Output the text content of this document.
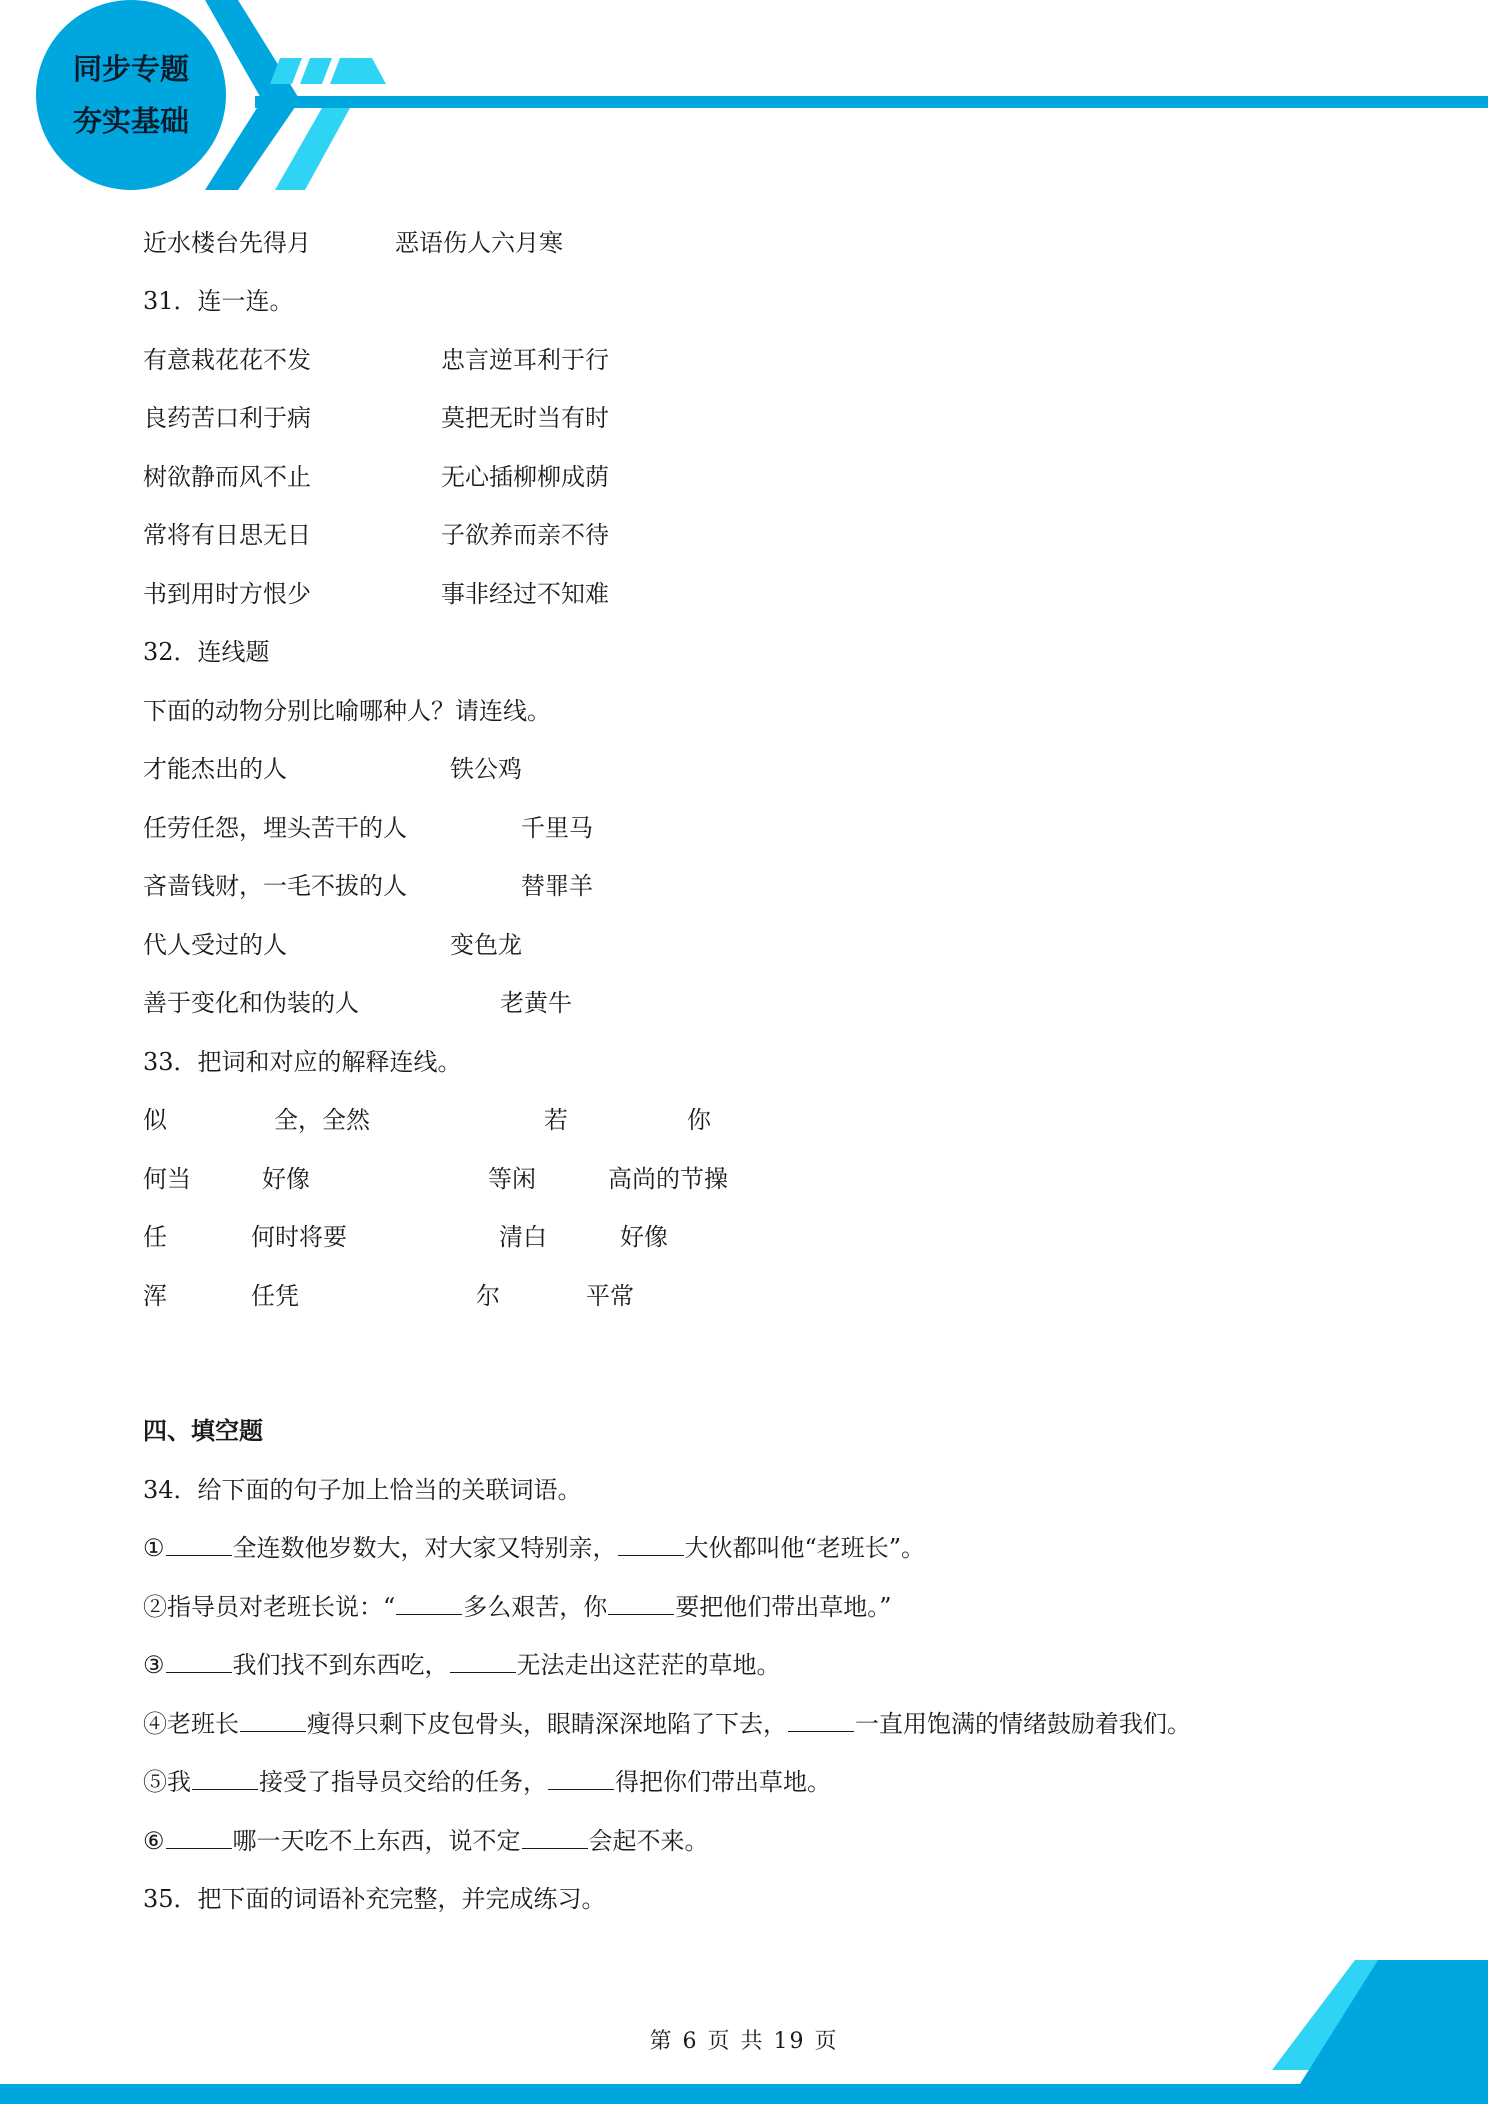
同步专题
夯实基础
近水楼台先得月	恶语伤人六月寒
31．连一连。
有意栽花花不发	忠言逆耳利于行
良药苦口利于病	莫把无时当有时
树欲静而风不止	无心插柳柳成荫
常将有日思无日	子欲养而亲不待
书到用时方恨少	事非经过不知难
32．连线题
下面的动物分别比喻哪种人？请连线。
才能杰出的人	铁公鸡
任劳任怨，埋头苦干的人	千里马
吝啬钱财，一毛不拔的人	替罪羊
代人受过的人	变色龙
善于变化和伪装的人	老黄牛
33．把词和对应的解释连线。
似	全，全然	若	你
何当	好像	等闲	高尚的节操
任	何时将要	清白	好像
浑	任凭	尔	平常
四、填空题
34．给下面的句子加上恰当的关联词语。
①	全连数他岁数大，对大家又特别亲，	大伙都叫他“老班长”。
②指导员对老班长说：“	多么艰苦，你	要把他们带出草地。”
③	我们找不到东西吃，	无法走出这茫茫的草地。
④老班长	瘦得只剩下皮包骨头，眼睛深深地陷了下去，	一直用饱满的情绪鼓励着我们。
⑤我	接受了指导员交给的任务，	得把你们带出草地。
⑥	哪一天吃不上东西，说不定	会起不来。
35．把下面的词语补充完整，并完成练习。
第 6 页 共 19 页
